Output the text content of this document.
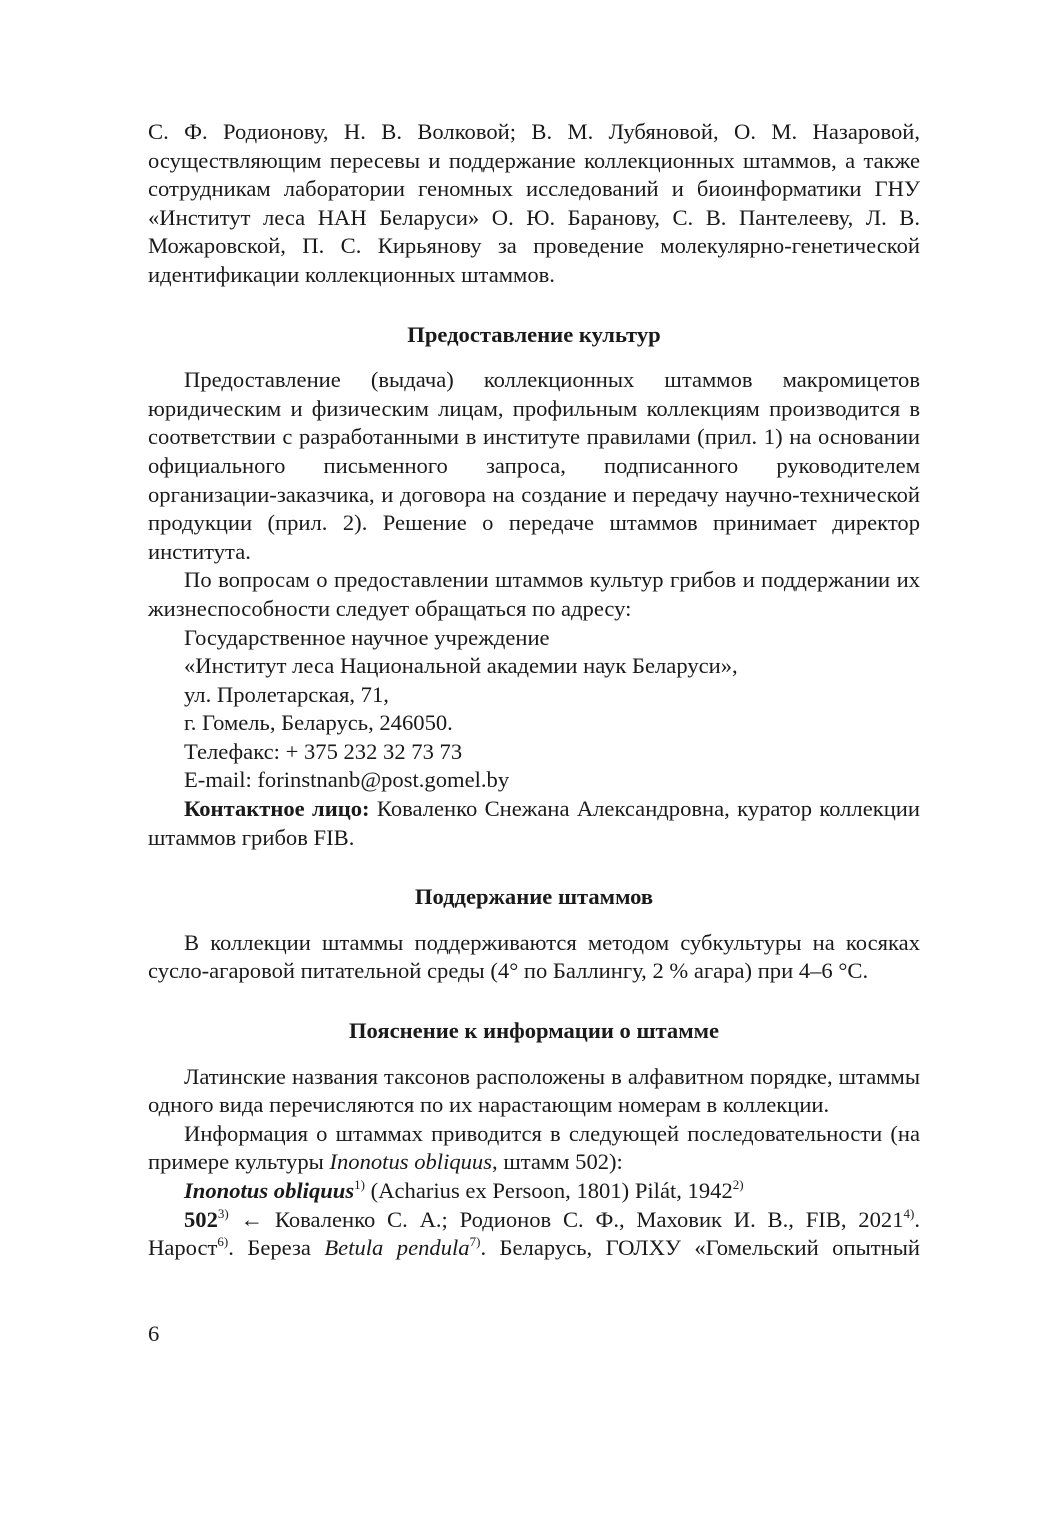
С. Ф. Родионову, Н. В. Волковой; В. М. Лубяновой, О. М. Назаровой, осуществляющим пересевы и поддержание коллекционных штаммов, а также сотрудникам лаборатории геномных исследований и биоинформатики ГНУ «Институт леса НАН Беларуси» О. Ю. Баранову, С. В. Пантелееву, Л. В. Можаровской, П. С. Кирьянову за проведение молекулярно-генетической идентификации коллекционных штаммов.

Предоставление культур

Предоставление (выдача) коллекционных штаммов макромицетов юридическим и физическим лицам, профильным коллекциям производится в соответствии с разработанными в институте правилами (прил. 1) на основании официального письменного запроса, подписанного руководителем организации-заказчика, и договора на создание и передачу научно-технической продукции (прил. 2). Решение о передаче штаммов принимает директор института.

По вопросам о предоставлении штаммов культур грибов и поддержании их жизнеспособности следует обращаться по адресу:

Государственное научное учреждение

«Институт леса Национальной академии наук Беларуси»,

ул. Пролетарская, 71,

г. Гомель, Беларусь, 246050.

Телефакс: + 375 232 32 73 73

E-mail: forinstnanb@post.gomel.by

Контактное лицо: Коваленко Снежана Александровна, куратор коллекции штаммов грибов FIB.

Поддержание штаммов

В коллекции штаммы поддерживаются методом субкультуры на косяках сусло-агаровой питательной среды (4° по Баллингу, 2 % агара) при 4–6 °С.

Пояснение к информации о штамме

Латинские названия таксонов расположены в алфавитном порядке, штаммы одного вида перечисляются по их нарастающим номерам в коллекции.

Информация о штаммах приводится в следующей последовательности (на примере культуры Inonotus obliquus, штамм 502):

Inonotus obliquus$^{1)}$ (Acharius ex Persoon, 1801) Pilát, 1942$^{2)}$

502$^{3)}$ ← Коваленко С. А.; Родионов С. Ф., Маховик И. В., FIB, 2021$^{4)}$. Нарост$^{6)}$. Береза Betula pendula$^{7)}$. Беларусь, ГОЛХУ «Гомельский опытный

6
